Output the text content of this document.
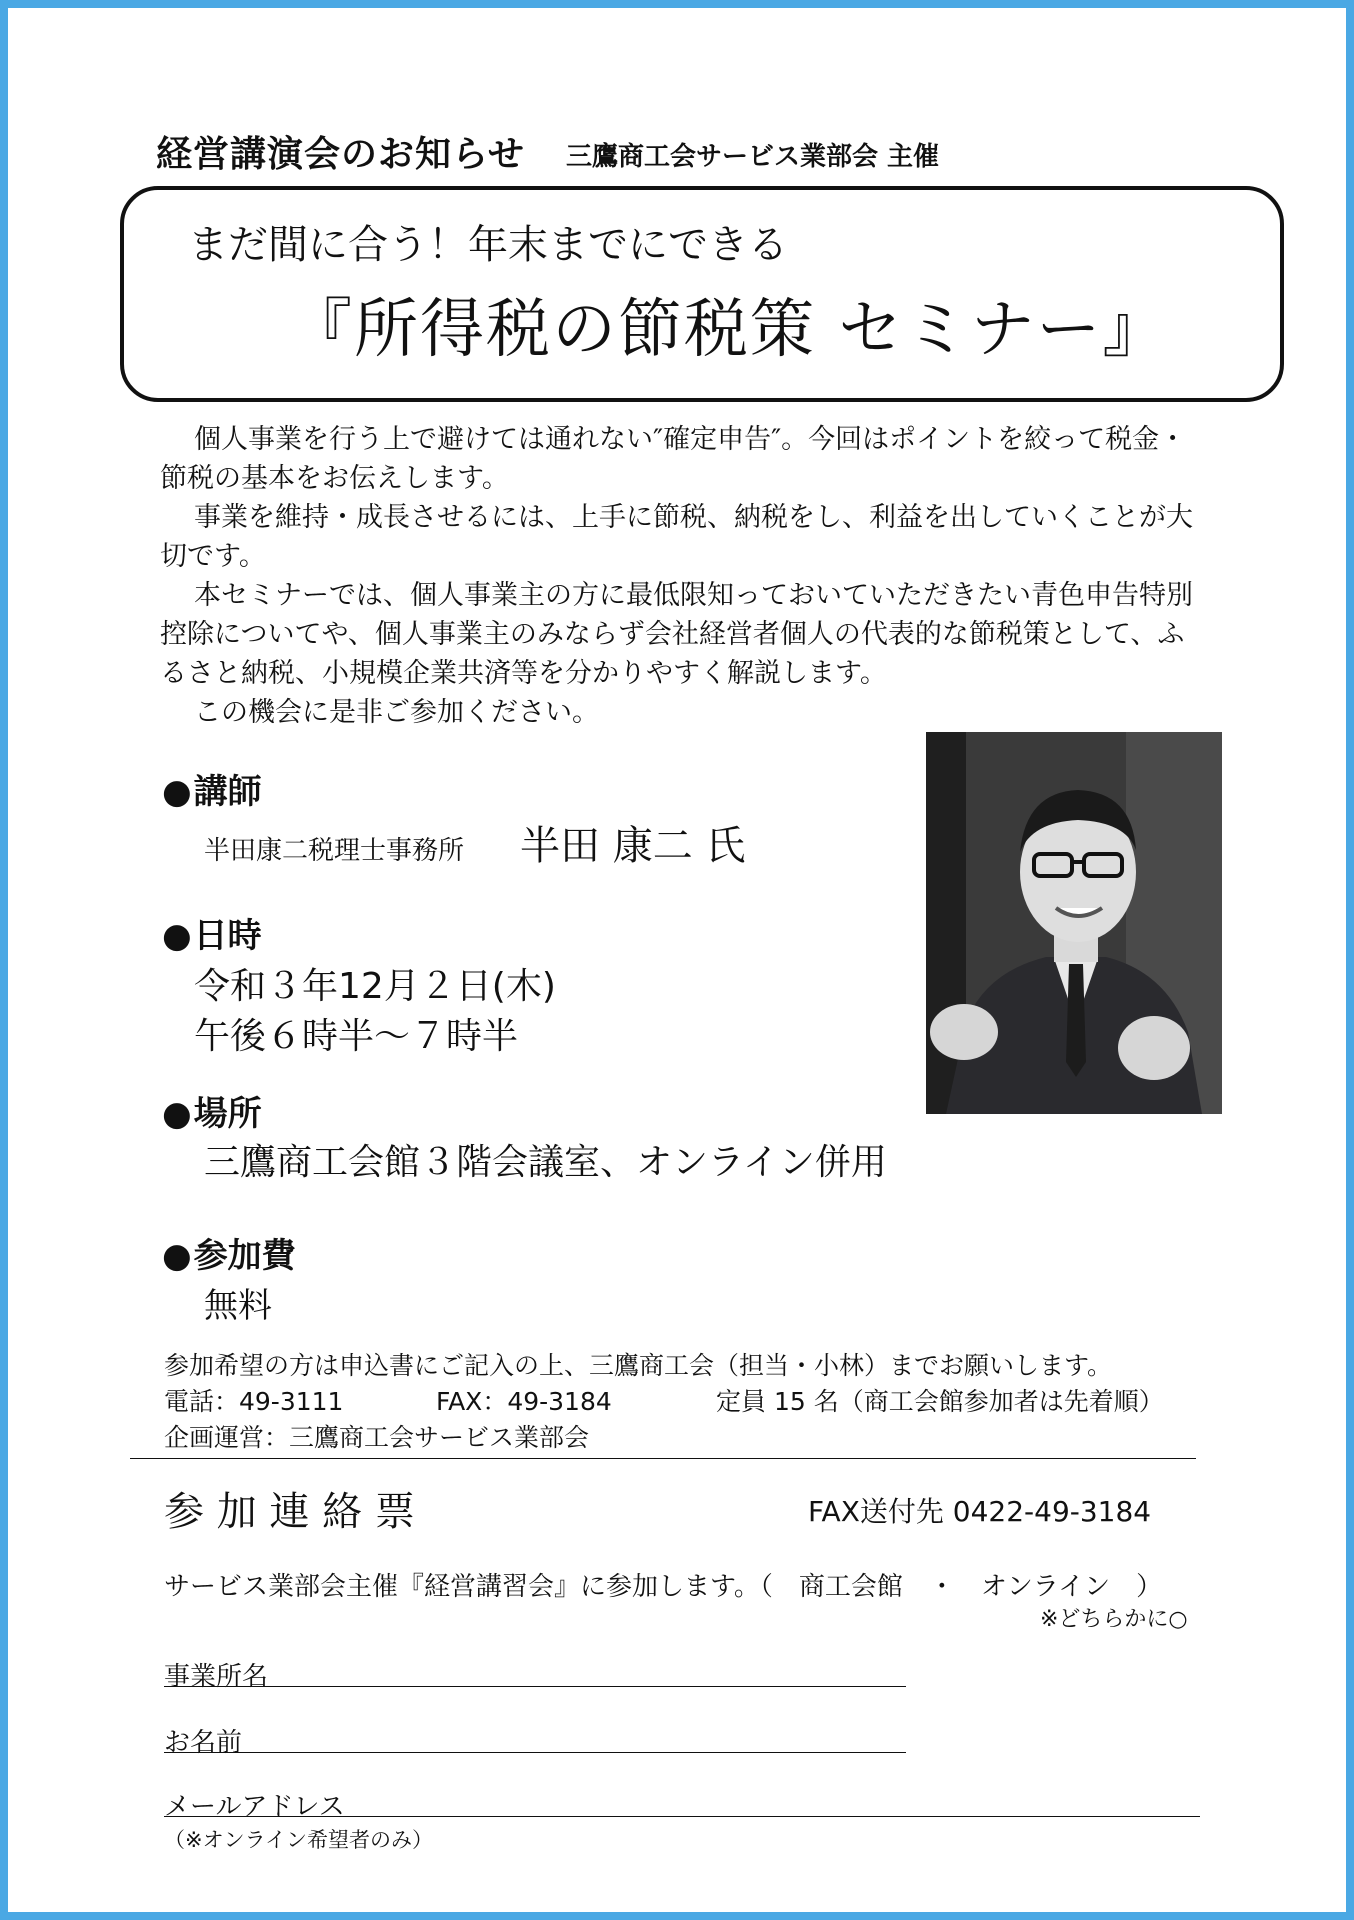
経営講演会のお知らせ 三鷹商工会サービス業部会 主催
まだ間に合う！年末までにできる
『所得税の節税策 セミナー』

個人事業を行う上で避けては通れない″確定申告″。今回はポイントを絞って税金・節税の基本をお伝えします。

事業を維持・成長させるには、上手に節税、納税をし、利益を出していくことが大切です。

本セミナーでは、個人事業主の方に最低限知っておいていただきたい青色申告特別控除についてや、個人事業主のみならず会社経営者個人の代表的な節税策として、ふるさと納税、小規模企業共済等を分かりやすく解説します。

この機会に是非ご参加ください。

●講師
半田康二税理士事務所 半田 康二 氏
●日時
令和３年12月２日(木)
午後６時半〜７時半
●場所
三鷹商工会館３階会議室、オンライン併用
●参加費
無料
参加希望の方は申込書にご記入の上、三鷹商工会（担当・小林）までお願いします。
電話：49-3111	FAX：49-3184	定員 15 名（商工会館参加者は先着順）
企画運営：三鷹商工会サービス業部会
参 加 連 絡 票	FAX送付先 0422-49-3184
サービス業部会主催『経営講習会』に参加します。（　商工会館　・　オンライン　）
※どちらかに○
事業所名
お名前
メールアドレス
（※オンライン希望者のみ）
